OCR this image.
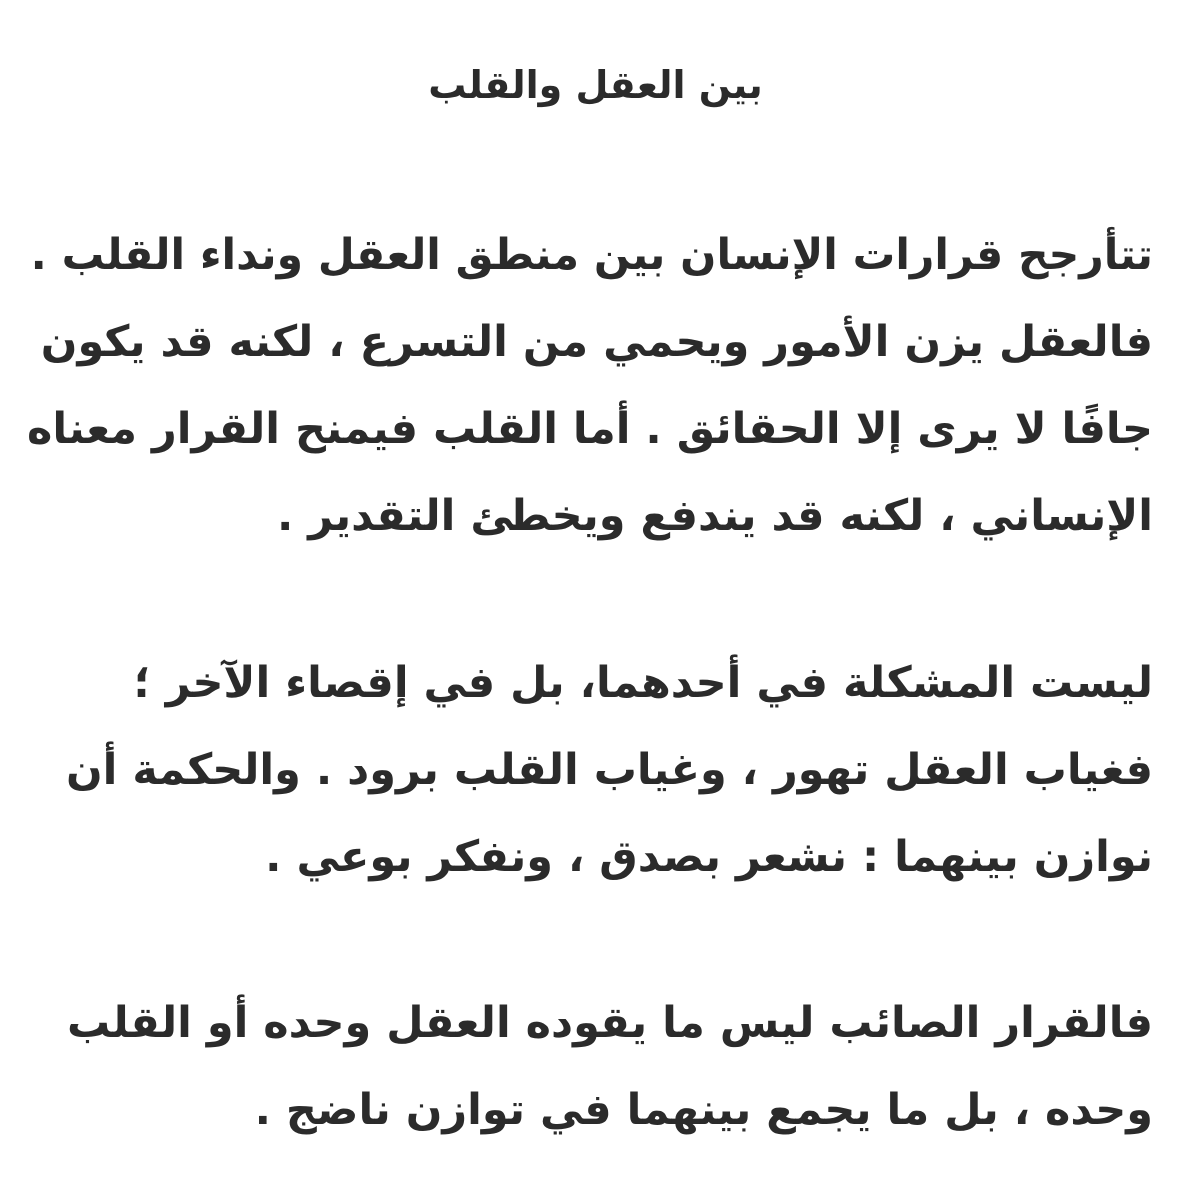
بين العقل والقلب

تتأرجح قرارات الإنسان بين منطق العقل ونداء القلب .
فالعقل يزن الأمور ويحمي من التسرع ، لكنه قد يكون
جافًا لا يرى إلا الحقائق . أما القلب فيمنح القرار معناه
الإنساني ، لكنه قد يندفع ويخطئ التقدير .

ليست المشكلة في أحدهما، بل في إقصاء الآخر ؛
فغياب العقل تهور ، وغياب القلب برود . والحكمة أن
نوازن بينهما : نشعر بصدق ، ونفكر بوعي .

فالقرار الصائب ليس ما يقوده العقل وحده أو القلب
وحده ، بل ما يجمع بينهما في توازن ناضج .
